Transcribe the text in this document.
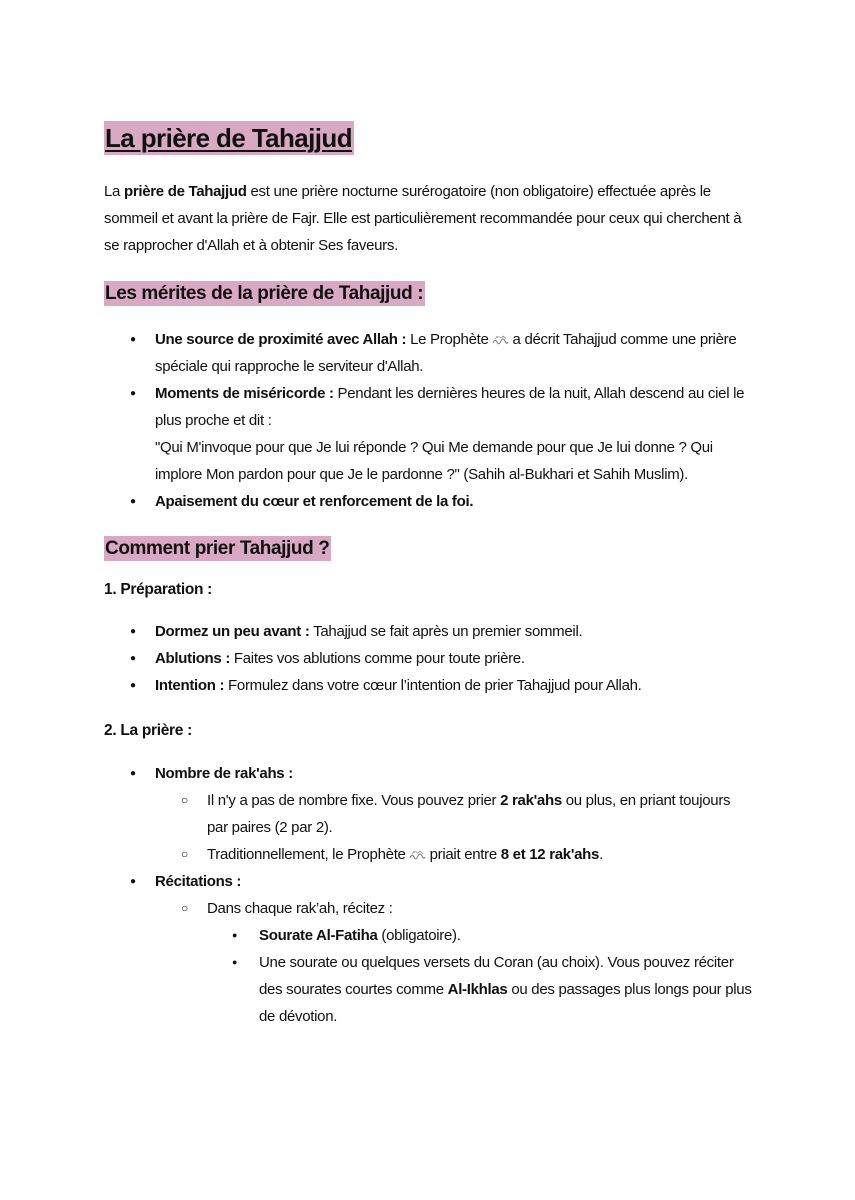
La prière de Tahajjud

La prière de Tahajjud est une prière nocturne surérogatoire (non obligatoire) effectuée après le sommeil et avant la prière de Fajr. Elle est particulièrement recommandée pour ceux qui cherchent à se rapprocher d'Allah et à obtenir Ses faveurs.

Les mérites de la prière de Tahajjud :
● Une source de proximité avec Allah : Le Prophète a décrit Tahajjud comme une prière spéciale qui rapproche le serviteur d'Allah.
● Moments de miséricorde : Pendant les dernières heures de la nuit, Allah descend au ciel le plus proche et dit :
"Qui M'invoque pour que Je lui réponde ? Qui Me demande pour que Je lui donne ? Qui implore Mon pardon pour que Je le pardonne ?" (Sahih al-Bukhari et Sahih Muslim).
● Apaisement du cœur et renforcement de la foi.
Comment prier Tahajjud ?
1. Préparation :
● Dormez un peu avant : Tahajjud se fait après un premier sommeil.
● Ablutions : Faites vos ablutions comme pour toute prière.
● Intention : Formulez dans votre cœur l’intention de prier Tahajjud pour Allah.
2. La prière :
● Nombre de rak'ahs :
○ Il n'y a pas de nombre fixe. Vous pouvez prier 2 rak'ahs ou plus, en priant toujours par paires (2 par 2).
○ Traditionnellement, le Prophète priait entre 8 et 12 rak'ahs.
● Récitations :
○ Dans chaque rak’ah, récitez :
● Sourate Al-Fatiha (obligatoire).
● Une sourate ou quelques versets du Coran (au choix). Vous pouvez réciter des sourates courtes comme Al-Ikhlas ou des passages plus longs pour plus de dévotion.
